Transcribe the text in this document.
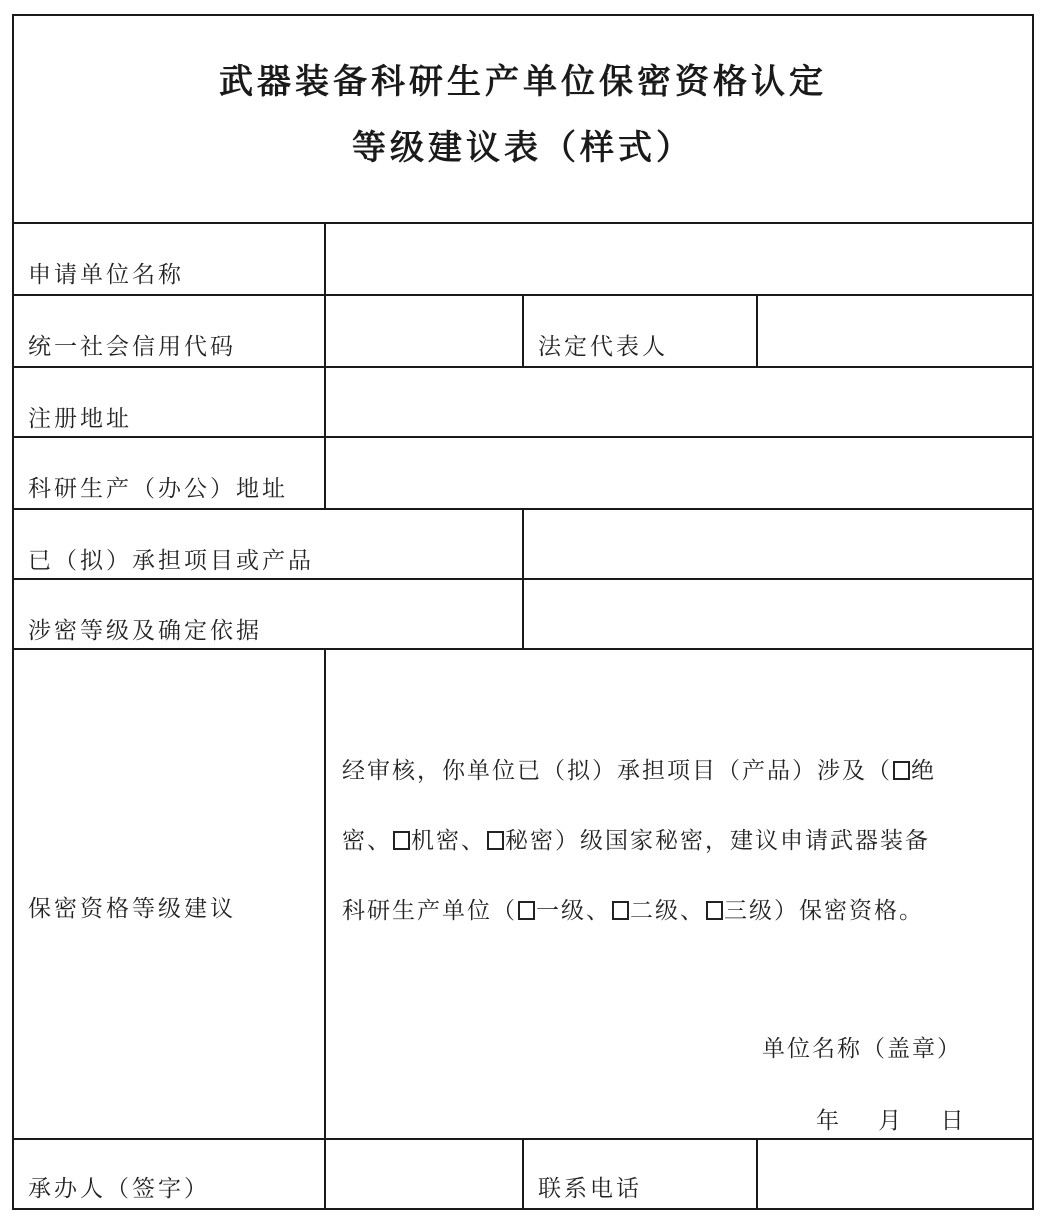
武器装备科研生产单位保密资格认定
等级建议表（样式）
申请单位名称
统一社会信用代码	法定代表人
注册地址
科研生产（办公）地址
已（拟）承担项目或产品
涉密等级及确定依据
保密资格等级建议
经审核，你单位已（拟）承担项目（产品）涉及（ 绝
密、 机密、 秘密）级国家秘密，建议申请武器装备
科研生产单位（ 一级、 二级、 三级）保密资格。
单位名称（盖章）
年 月 日
承办人（签字）	联系电话
